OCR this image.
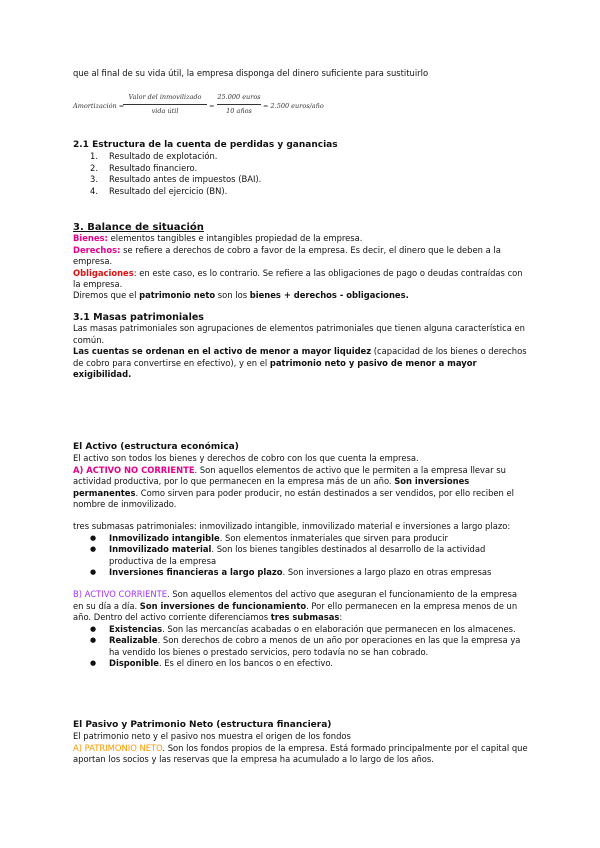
que al final de su vida útil, la empresa disponga del dinero suficiente para sustituirlo

Amortización =
Valor del inmovilizado
vida útil
=
25.000 euros
10 años
= 2.500 euros/año

2.1 Estructura de la cuenta de perdidas y ganancias

1. Resultado de explotación.
2. Resultado financiero.
3. Resultado antes de impuestos (BAI).
4. Resultado del ejercicio (BN).

3. Balance de situación

Bienes: elementos tangibles e intangibles propiedad de la empresa.

Derechos: se refiere a derechos de cobro a favor de la empresa. Es decir, el dinero que le deben a la empresa.

Obligaciones: en este caso, es lo contrario. Se refiere a las obligaciones de pago o deudas contraídas con la empresa.

Diremos que el patrimonio neto son los bienes + derechos - obligaciones.

3.1 Masas patrimoniales

Las masas patrimoniales son agrupaciones de elementos patrimoniales que tienen alguna característica en común.

Las cuentas se ordenan en el activo de menor a mayor liquidez (capacidad de los bienes o derechos de cobro para convertirse en efectivo), y en el patrimonio neto y pasivo de menor a mayor exigibilidad.

El Activo (estructura económica)

El activo son todos los bienes y derechos de cobro con los que cuenta la empresa.

A) ACTIVO NO CORRIENTE. Son aquellos elementos de activo que le permiten a la empresa llevar su actividad productiva, por lo que permanecen en la empresa más de un año. Son inversiones permanentes. Como sirven para poder producir, no están destinados a ser vendidos, por ello reciben el nombre de inmovilizado.

tres submasas patrimoniales: inmovilizado intangible, inmovilizado material e inversiones a largo plazo:

● Inmovilizado intangible. Son elementos inmateriales que sirven para producir
● Inmovilizado material. Son los bienes tangibles destinados al desarrollo de la actividad productiva de la empresa
● Inversiones financieras a largo plazo. Son inversiones a largo plazo en otras empresas

B) ACTIVO CORRIENTE. Son aquellos elementos del activo que aseguran el funcionamiento de la empresa en su día a día. Son inversiones de funcionamiento. Por ello permanecen en la empresa menos de un año. Dentro del activo corriente diferenciamos tres submasas:

● Existencias. Son las mercancías acabadas o en elaboración que permanecen en los almacenes.
● Realizable. Son derechos de cobro a menos de un año por operaciones en las que la empresa ya ha vendido los bienes o prestado servicios, pero todavía no se han cobrado.
● Disponible. Es el dinero en los bancos o en efectivo.

El Pasivo y Patrimonio Neto (estructura financiera)

El patrimonio neto y el pasivo nos muestra el origen de los fondos

A) PATRIMONIO NETO. Son los fondos propios de la empresa. Está formado principalmente por el capital que aportan los socios y las reservas que la empresa ha acumulado a lo largo de los años.
